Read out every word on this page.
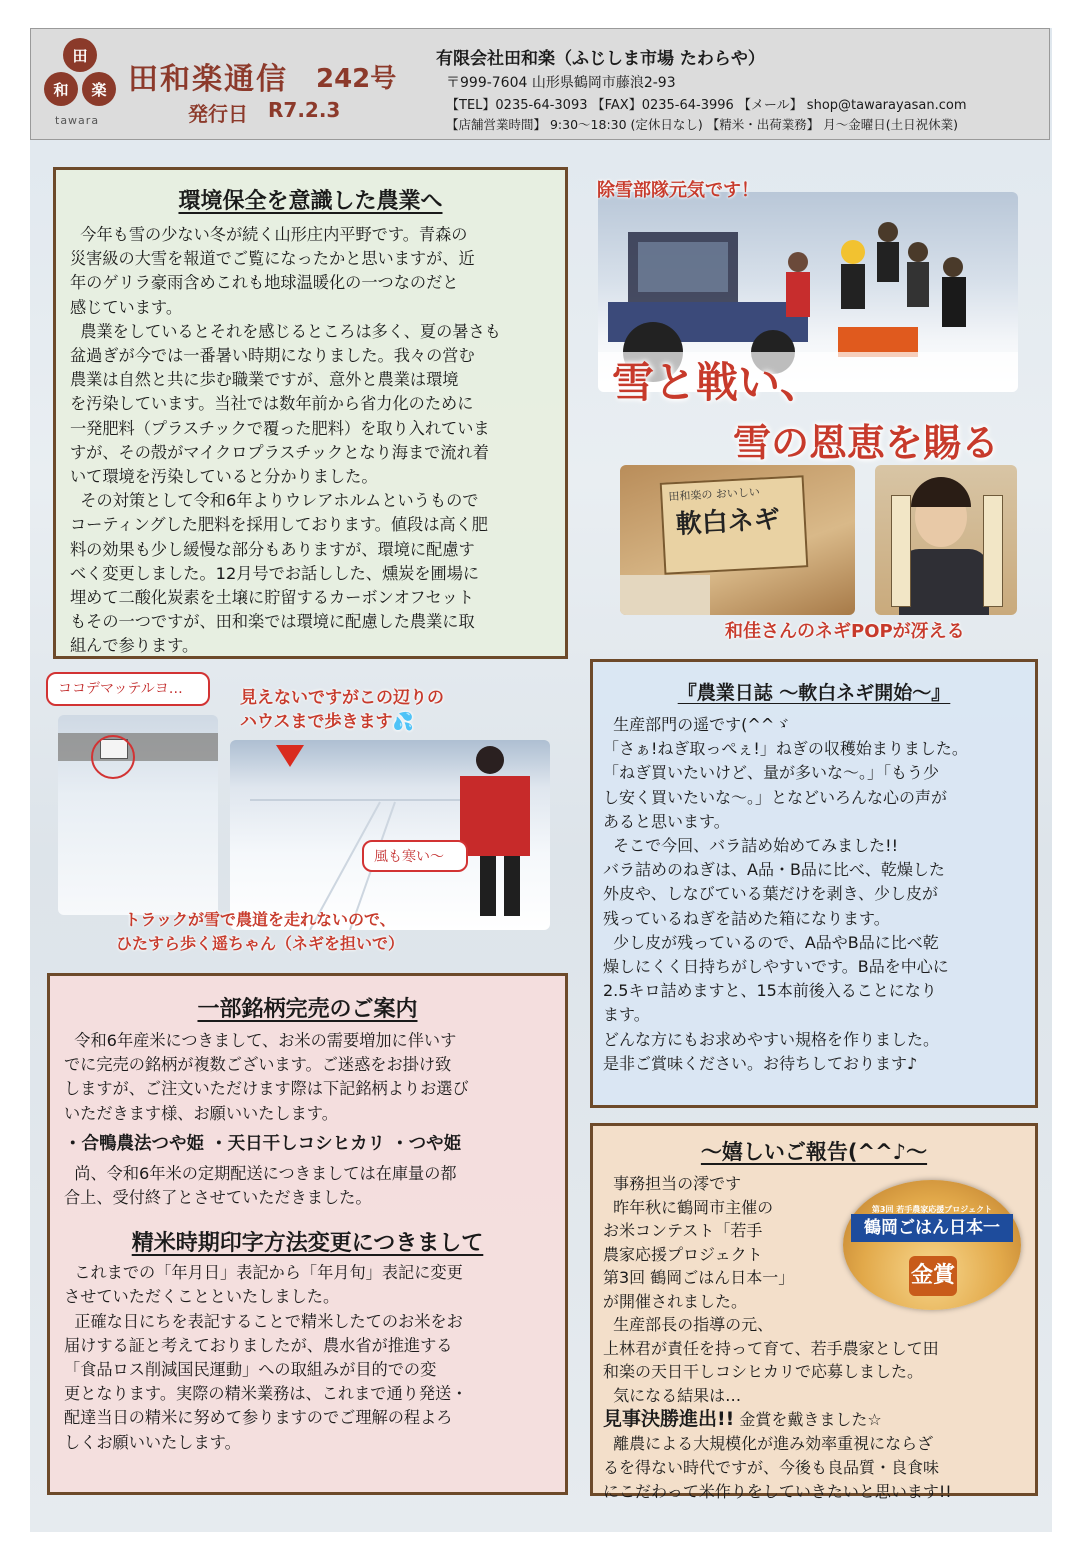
田
和	楽
tawara
田和楽通信 242号
発行日 R7.2.3
有限会社田和楽（ふじしま市場 たわらや）
〒999-7604 山形県鶴岡市藤浪2-93
【TEL】0235-64-3093 【FAX】0235-64-3996 【メール】 shop@tawarayasan.com
【店舗営業時間】 9:30～18:30 (定休日なし) 【精米・出荷業務】 月～金曜日(土日祝休業)
環境保全を意識した農業へ
今年も雪の少ない冬が続く山形庄内平野です。青森の
災害級の大雪を報道でご覧になったかと思いますが、近
年のゲリラ豪雨含めこれも地球温暖化の一つなのだと
感じています。
農業をしているとそれを感じるところは多く、夏の暑さも
盆過ぎが今では一番暑い時期になりました。我々の営む
農業は自然と共に歩む職業ですが、意外と農業は環境
を汚染しています。当社では数年前から省力化のために
一発肥料（プラスチックで覆った肥料）を取り入れていま
すが、その殻がマイクロプラスチックとなり海まで流れ着
いて環境を汚染していると分かりました。
その対策として令和6年よりウレアホルムというもので
コーティングした肥料を採用しております。値段は高く肥
料の効果も少し緩慢な部分もありますが、環境に配慮す
べく変更しました。12月号でお話しした、燻炭を圃場に
埋めて二酸化炭素を土壌に貯留するカーボンオフセット
もその一つですが、田和楽では環境に配慮した農業に取
組んで参ります。
除雪部隊元気です！
雪と戦い、
雪の恩恵を賜る
田和楽の おいしい
軟白ネギ
和佳さんのネギPOPが冴える
ココデマッテルヨ…	見えないですがこの辺りの
ハウスまで歩きます💦
風も寒い～
トラックが雪で農道を走れないので、
ひたすら歩く遥ちゃん（ネギを担いで）
『農業日誌 ～軟白ネギ開始～』
生産部門の遥です(^^ゞ
「さぁ!ねぎ取っぺぇ!」ねぎの収穫始まりました。
「ねぎ買いたいけど、量が多いな～。」「もう少
し安く買いたいな～。」となどいろんな心の声が
あると思います。
そこで今回、バラ詰め始めてみました!!
バラ詰めのねぎは、A品・B品に比べ、乾燥した
外皮や、しなびている葉だけを剥き、少し皮が
残っているねぎを詰めた箱になります。
少し皮が残っているので、A品やB品に比べ乾
燥しにくく日持ちがしやすいです。B品を中心に
2.5キロ詰めますと、15本前後入ることになり
ます。
どんな方にもお求めやすい規格を作りました。
是非ご賞味ください。お待ちしております♪
一部銘柄完売のご案内
令和6年産米につきまして、お米の需要増加に伴いす
でに完売の銘柄が複数ございます。ご迷惑をお掛け致
しますが、ご注文いただけます際は下記銘柄よりお選び
いただきます様、お願いいたします。
・合鴨農法つや姫 ・天日干しコシヒカリ ・つや姫
尚、令和6年米の定期配送につきましては在庫量の都
合上、受付終了とさせていただきました。
精米時期印字方法変更につきまして
これまでの「年月日」表記から「年月旬」表記に変更
させていただくことといたしました。
正確な日にちを表記することで精米したてのお米をお
届けする証と考えておりましたが、農水省が推進する
「食品ロス削減国民運動」への取組みが目的での変
更となります。実際の精米業務は、これまで通り発送・
配達当日の精米に努めて参りますのでご理解の程よろ
しくお願いいたします。
～嬉しいご報告(^^♪～
事務担当の澪です
昨年秋に鶴岡市主催の
お米コンテスト「若手
農家応援プロジェクト
第3回 鶴岡ごはん日本一」
が開催されました。
生産部長の指導の元、
上林君が責任を持って育て、若手農家として田
和楽の天日干しコシヒカリで応募しました。
気になる結果は…
見事決勝進出!! 金賞を戴きました☆
離農による大規模化が進み効率重視にならざ
るを得ない時代ですが、今後も良品質・良食味
にこだわって米作りをしていきたいと思います!!
第3回 若手農家応援プロジェクト
鶴岡ごはん日本一
金賞
